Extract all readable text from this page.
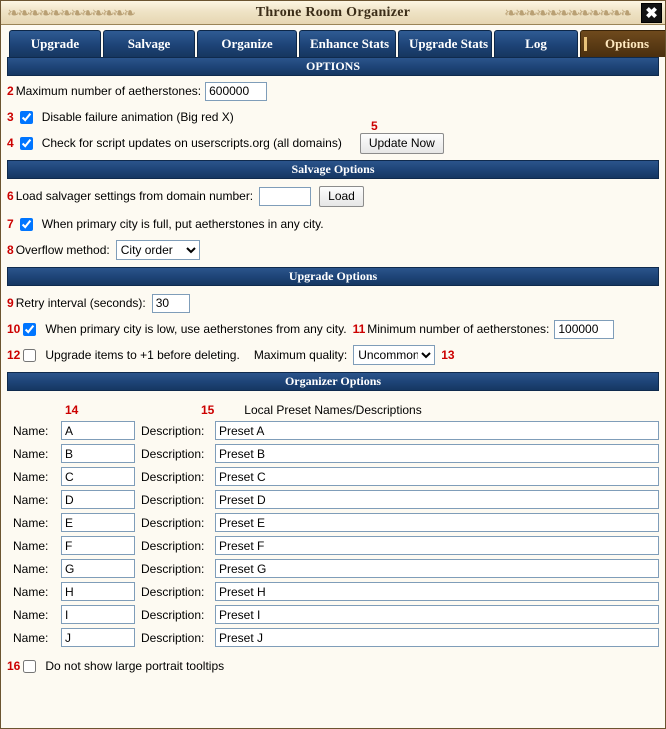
❧❧❧❧❧❧❧❧❧❧❧❧	❧❧❧❧❧❧❧❧❧❧❧❧
Throne Room Organizer	✖
Upgrade	Salvage	Organize	Enhance Stats	Upgrade Stats	Log	Options
OPTIONS
2 Maximum number of aetherstones:
600000
3 Disable failure animation (Big red X)
4 Check for script updates on userscripts.org (all domains)
5
Update Now
Salvage Options
6 Load salvager settings from domain number:	Load
7 When primary city is full, put aetherstones in any city.
8 Overflow method:
City order
Upgrade Options
9 Retry interval (seconds):
30
10 When primary city is low, use aetherstones from any city. 11 Minimum number of aetherstones:
100000
12 Upgrade items to +1 before deleting. Maximum quality:
Uncommon	13
Organizer Options
14	15	Local Preset Names/Descriptions
Name:
A	Description:
Preset A
Name:
B	Description:
Preset B
Name:
C	Description:
Preset C
Name:
D	Description:
Preset D
Name:
E	Description:
Preset E
Name:
F	Description:
Preset F
Name:
G	Description:
Preset G
Name:
H	Description:
Preset H
Name:
I	Description:
Preset I
Name:
J	Description:
Preset J
16 Do not show large portrait tooltips
